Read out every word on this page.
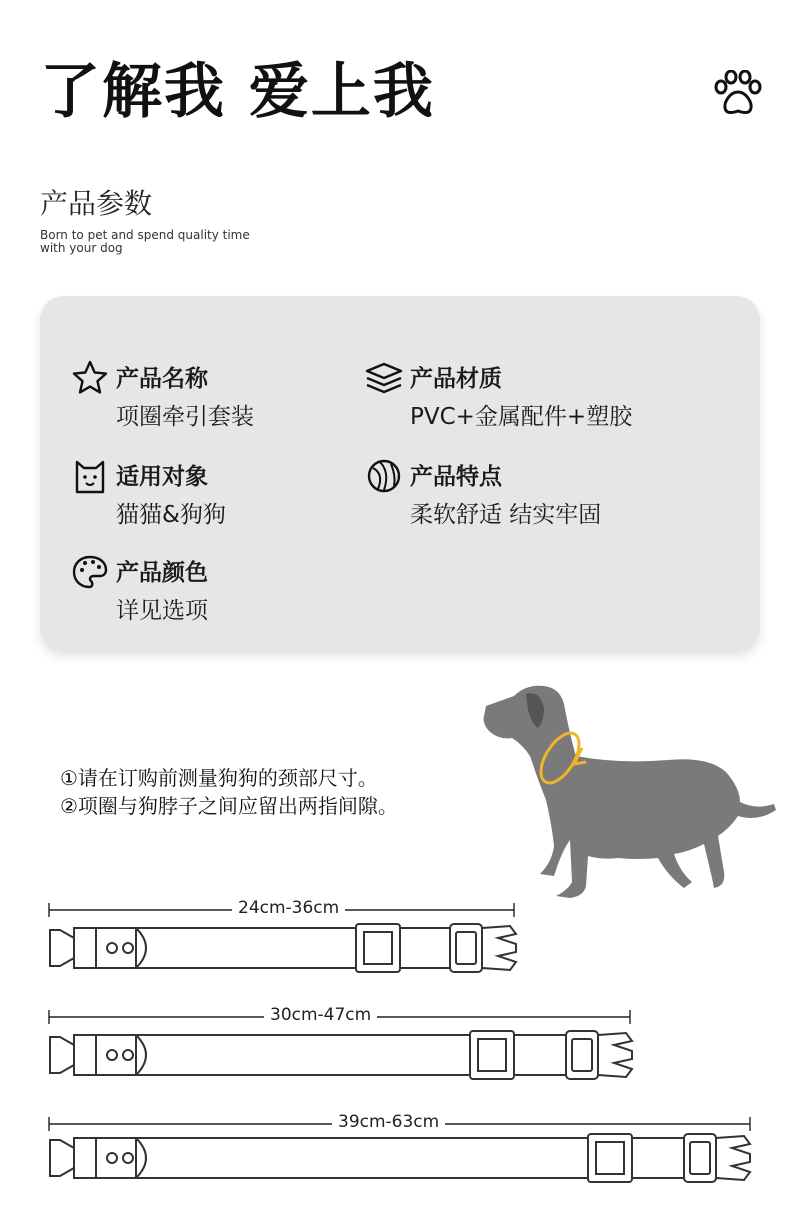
了解我 爱上我
产品参数
Born to pet and spend quality time
with your dog
产品名称
项圈牵引套装
产品材质
PVC+金属配件+塑胶
适用对象
猫猫&狗狗
产品特点
柔软舒适 结实牢固
产品颜色
详见选项
①请在订购前测量狗狗的颈部尺寸。
②项圈与狗脖子之间应留出两指间隙。
24cm-36cm
30cm-47cm
39cm-63cm
